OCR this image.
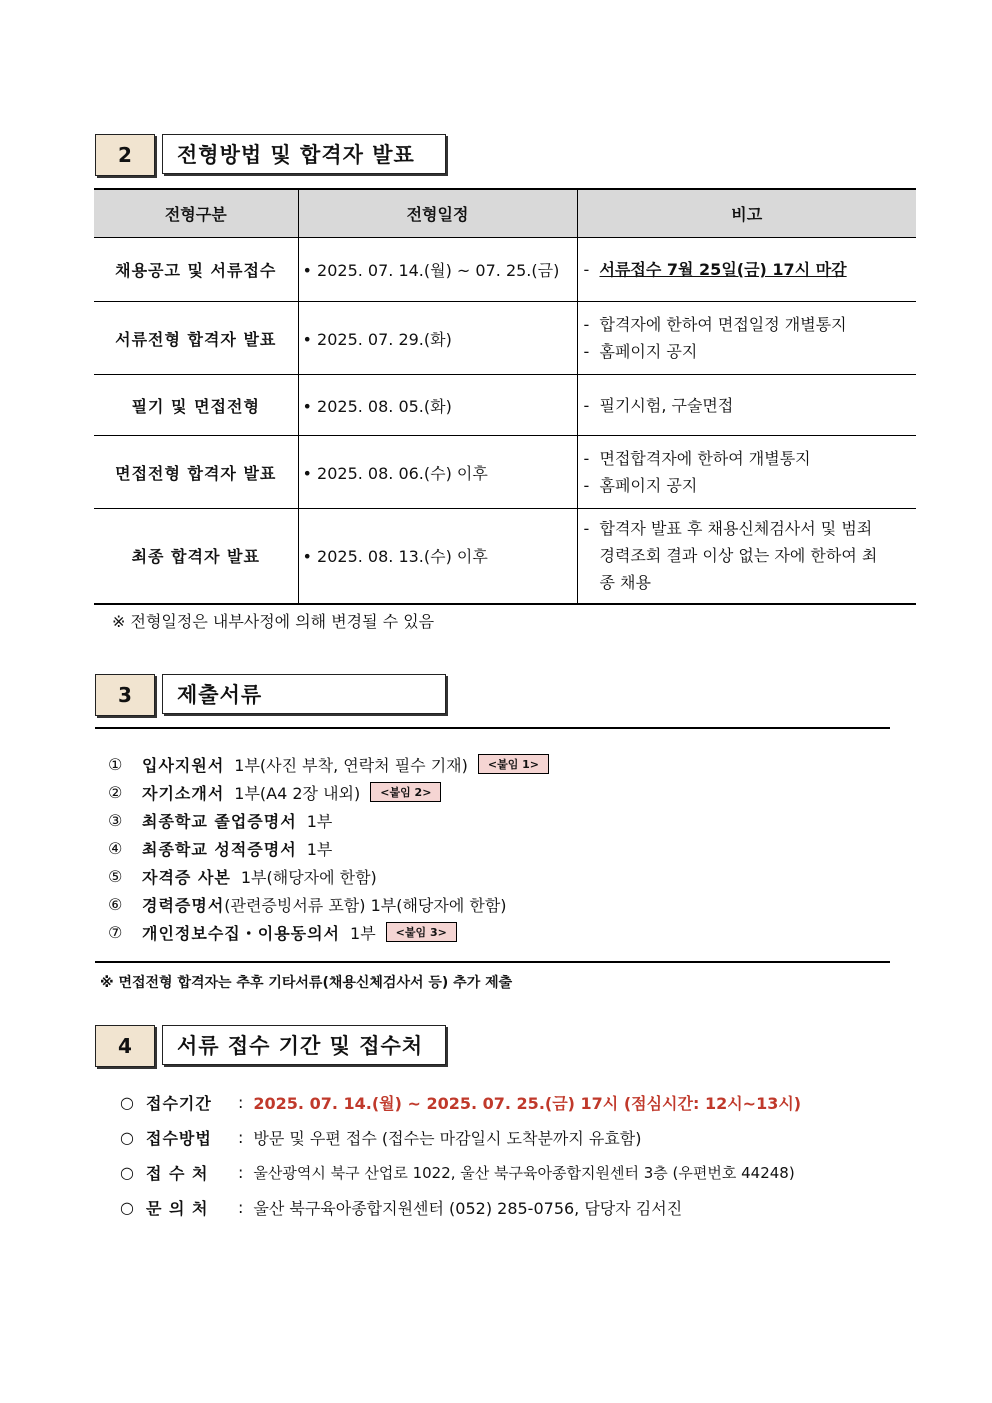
2	전형방법 및 합격자 발표
전형구분	전형일정	비고
채용공고 및 서류접수	• 2025. 07. 14.(월) ~ 07. 25.(금)	- 서류접수 7월 25일(금) 17시 마감

서류전형 합격자 발표	• 2025. 07. 29.(화)	- 합격자에 한하여 면접일정 개별통지
- 홈페이지 공지

필기 및 면접전형	• 2025. 08. 05.(화)	- 필기시험, 구술면접

면접전형 합격자 발표	• 2025. 08. 06.(수) 이후	- 면접합격자에 한하여 개별통지
- 홈페이지 공지

최종 합격자 발표	• 2025. 08. 13.(수) 이후	- 합격자 발표 후 채용신체검사서 및 범죄경력조회 결과 이상 없는 자에 한하여 최종 채용
※ 전형일정은 내부사정에 의해 변경될 수 있음
3	제출서류
①	입사지원서 1부(사진 부착, 연락처 필수 기재)	<붙임 1>
②	자기소개서 1부(A4 2장 내외)	<붙임 2>
③	최종학교 졸업증명서 1부
④	최종학교 성적증명서 1부
⑤	자격증 사본 1부(해당자에 한함)
⑥	경력증명서 (관련증빙서류 포함) 1부(해당자에 한함)
⑦	개인정보수집・이용동의서 1부	<붙임 3>
※ 면접전형 합격자는 추후 기타서류(채용신체검사서 등) 추가 제출
4	서류 접수 기간 및 접수처
○ 접수기간	: 2025. 07. 14.(월) ~ 2025. 07. 25.(금) 17시 (점심시간: 12시~13시)
○ 접수방법	: 방문 및 우편 접수 (접수는 마감일시 도착분까지 유효함)
○ 접 수 처	: 울산광역시 북구 산업로 1022, 울산 북구육아종합지원센터 3층 (우편번호 44248)
○ 문 의 처	: 울산 북구육아종합지원센터 (052) 285-0756, 담당자 김서진
